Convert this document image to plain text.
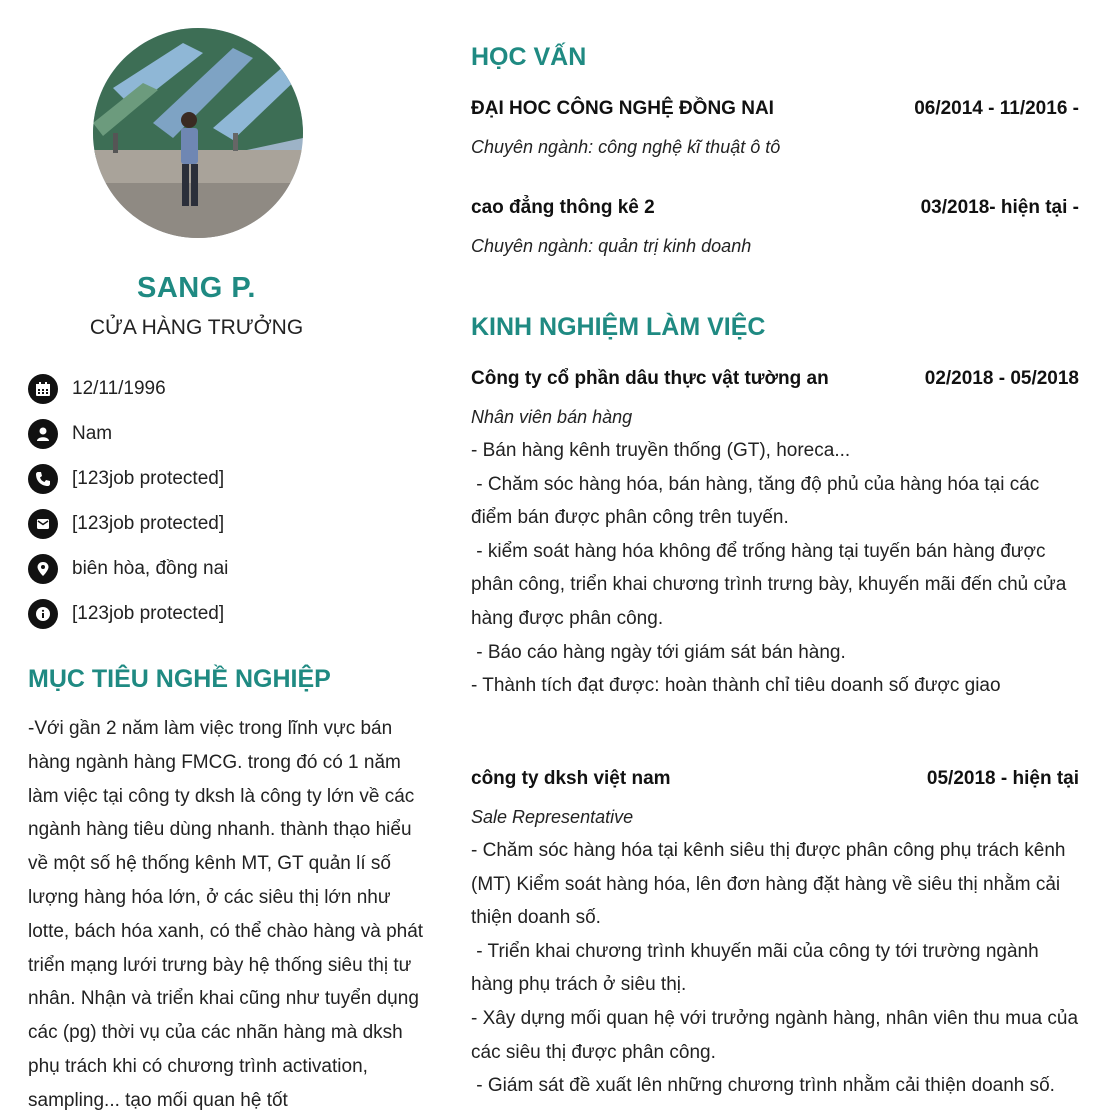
SANG P.
CỬA HÀNG TRƯỞNG
12/11/1996
Nam
[123job protected]
[123job protected]
biên hòa, đồng nai
[123job protected]
MỤC TIÊU NGHỀ NGHIỆP
-Với gần 2 năm làm việc trong lĩnh vực bán hàng ngành hàng FMCG. trong đó có 1 năm làm việc tại công ty dksh là công ty lớn về các ngành hàng tiêu dùng nhanh. thành thạo hiểu về một số hệ thống kênh MT, GT quản lí số lượng hàng hóa lớn, ở các siêu thị lớn như lotte, bách hóa xanh, có thể chào hàng và phát triển mạng lưới trưng bày hệ thống siêu thị tư nhân. Nhận và triển khai cũng như tuyển dụng các (pg) thời vụ của các nhãn hàng mà dksh phụ trách khi có chương trình activation, sampling... tạo mối quan hệ tốt
HỌC VẤN
ĐẠI HOC CÔNG NGHỆ ĐỒNG NAI	06/2014 - 11/2016 -
Chuyên ngành: công nghệ kĩ thuật ô tô
cao đẳng thông kê 2	03/2018- hiện tại -
Chuyên ngành: quản trị kinh doanh
KINH NGHIỆM LÀM VIỆC
Công ty cổ phần dâu thực vật tường an	02/2018 - 05/2018
Nhân viên bán hàng
- Bán hàng kênh truyền thống (GT), horeca...
- Chăm sóc hàng hóa, bán hàng, tăng độ phủ của hàng hóa tại các điểm bán được phân công trên tuyến.
- kiểm soát hàng hóa không để trống hàng tại tuyến bán hàng được phân công, triển khai chương trình trưng bày, khuyến mãi đến chủ cửa hàng được phân công.
- Báo cáo hàng ngày tới giám sát bán hàng.
- Thành tích đạt được: hoàn thành chỉ tiêu doanh số được giao
công ty dksh việt nam	05/2018 - hiện tại
Sale Representative
- Chăm sóc hàng hóa tại kênh siêu thị được phân công phụ trách kênh (MT) Kiểm soát hàng hóa, lên đơn hàng đặt hàng về siêu thị nhằm cải thiện doanh số.
- Triển khai chương trình khuyến mãi của công ty tới trường ngành hàng phụ trách ở siêu thị.
- Xây dựng mối quan hệ với trưởng ngành hàng, nhân viên thu mua của các siêu thị được phân công.
- Giám sát đề xuất lên những chương trình nhằm cải thiện doanh số.
